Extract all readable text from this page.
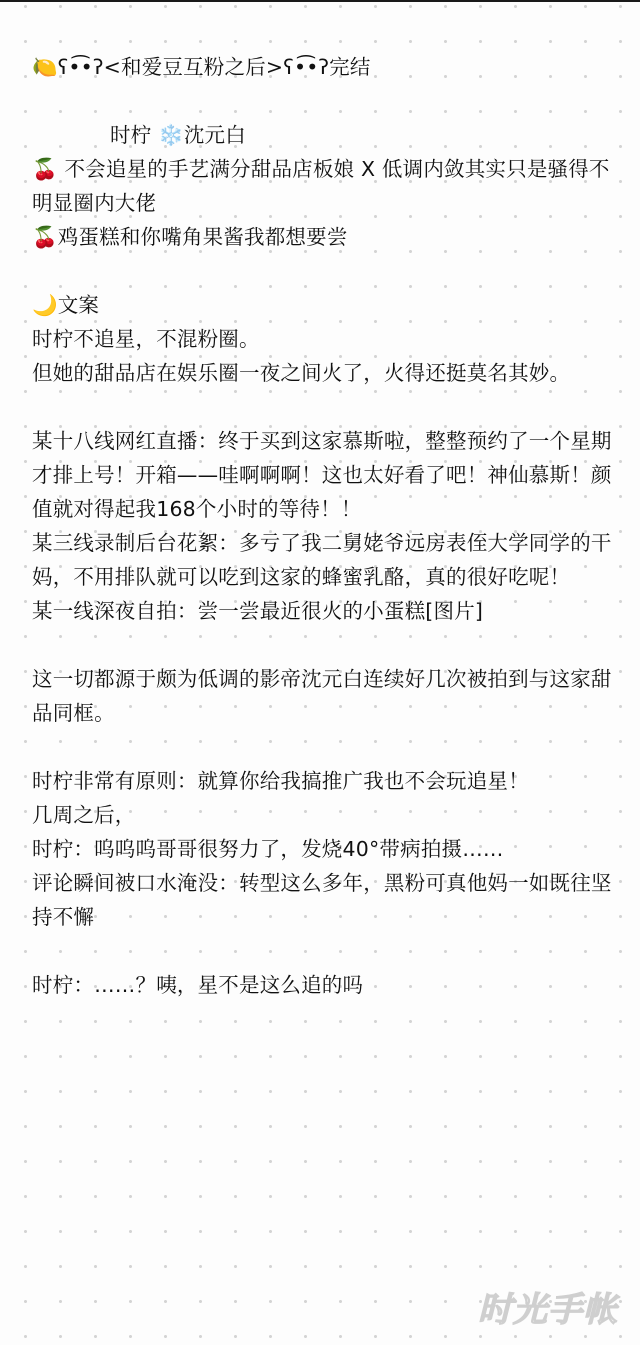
🍋ʕ•͡•ʔ<和爱豆互粉之后>ʕ•͡•ʔ完结
时柠 ❄️沈元白
🍒 不会追星的手艺满分甜品店板娘 X 低调内敛其实只是骚得不明显圈内大佬
🍒鸡蛋糕和你嘴角果酱我都想要尝
🌙文案
时柠不追星，不混粉圈。
但她的甜品店在娱乐圈一夜之间火了，火得还挺莫名其妙。
某十八线网红直播：终于买到这家慕斯啦，整整预约了一个星期才排上号！开箱——哇啊啊啊！这也太好看了吧！神仙慕斯！颜值就对得起我168个小时的等待！！
某三线录制后台花絮：多亏了我二舅姥爷远房表侄大学同学的干妈，不用排队就可以吃到这家的蜂蜜乳酪，真的很好吃呢！
某一线深夜自拍：尝一尝最近很火的小蛋糕[图片]
这一切都源于颇为低调的影帝沈元白连续好几次被拍到与这家甜品同框。
时柠非常有原则：就算你给我搞推广我也不会玩追星！
几周之后，
时柠：呜呜呜哥哥很努力了，发烧40°带病拍摄……
评论瞬间被口水淹没：转型这么多年，黑粉可真他妈一如既往坚持不懈
时柠：……？咦，星不是这么追的吗
时光手帐
